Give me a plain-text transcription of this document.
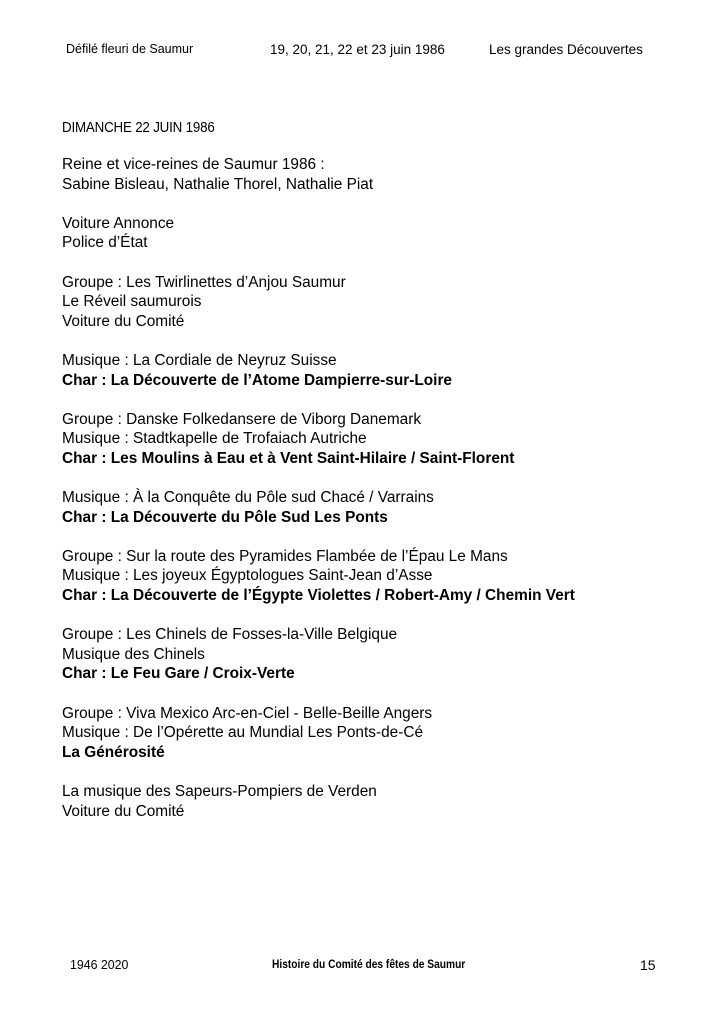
Défilé fleuri de Saumur	19, 20, 21, 22 et 23 juin 1986	Les grandes Découvertes
DIMANCHE 22 JUIN 1986
Reine et vice-reines de Saumur 1986 :
Sabine Bisleau, Nathalie Thorel, Nathalie Piat
Voiture Annonce
Police d’État
Groupe : Les Twirlinettes d’Anjou Saumur
Le Réveil saumurois
Voiture du Comité
Musique : La Cordiale de Neyruz Suisse
Char : La Découverte de l’Atome Dampierre-sur-Loire
Groupe : Danske Folkedansere de Viborg Danemark
Musique : Stadtkapelle de Trofaiach Autriche
Char : Les Moulins à Eau et à Vent Saint-Hilaire / Saint-Florent
Musique : À la Conquête du Pôle sud Chacé / Varrains
Char : La Découverte du Pôle Sud Les Ponts
Groupe : Sur la route des Pyramides Flambée de l’Épau Le Mans
Musique : Les joyeux Égyptologues Saint-Jean d’Asse
Char : La Découverte de l’Égypte Violettes / Robert-Amy / Chemin Vert
Groupe : Les Chinels de Fosses-la-Ville Belgique
Musique des Chinels
Char : Le Feu Gare / Croix-Verte
Groupe : Viva Mexico Arc-en-Ciel - Belle-Beille Angers
Musique : De l’Opérette au Mundial Les Ponts-de-Cé
La Générosité
La musique des Sapeurs-Pompiers de Verden
Voiture du Comité
1946 2020	Histoire du Comité des fêtes de Saumur	15
